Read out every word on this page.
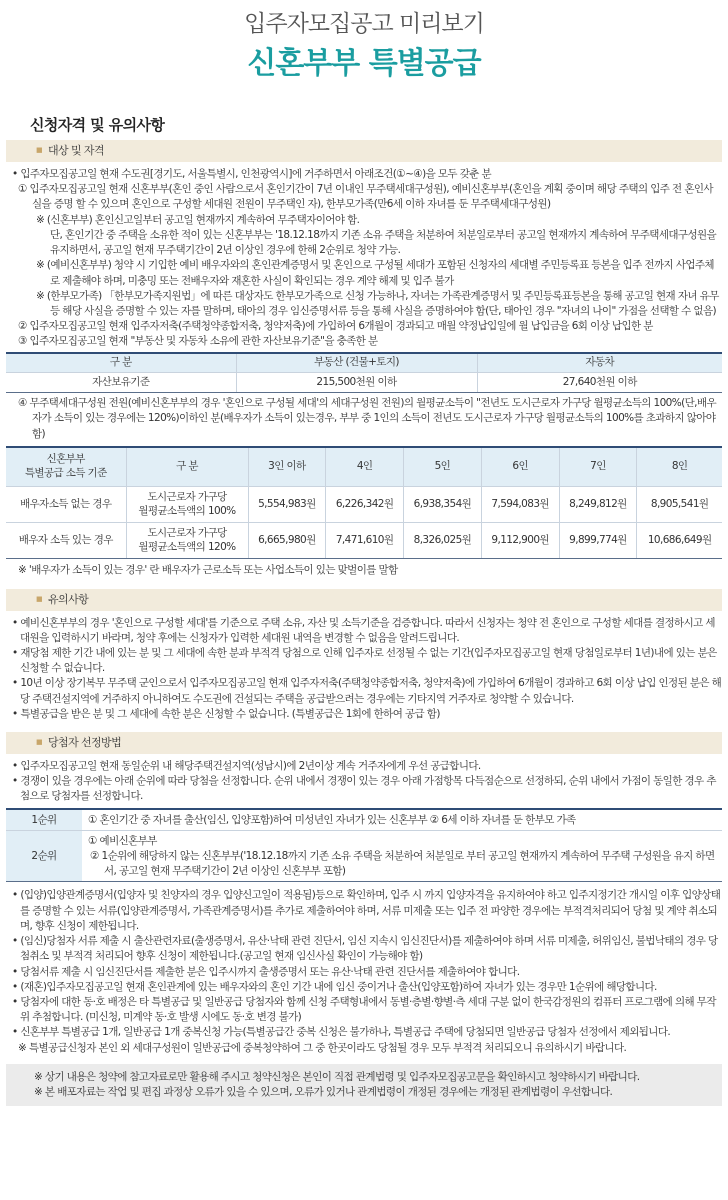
입주자모집공고 미리보기
신혼부부 특별공급
신청자격 및 유의사항
■ 대상 및 자격
• 입주자모집공고일 현재 수도권[경기도, 서울특별시, 인천광역시]에 거주하면서 아래조건(①~④)을 모두 갖춘 분
① 입주자모집공고일 현재 신혼부부(혼인 중인 사람으로서 혼인기간이 7년 이내인 무주택세대구성원), 예비신혼부부(혼인을 계획 중이며 해당 주택의 입주 전 혼인사실을 증명 할 수 있으며 혼인으로 구성할 세대원 전원이 무주택인 자), 한부모가족(만6세 이하 자녀를 둔 무주택세대구성원)
※ (신혼부부) 혼인신고일부터 공고일 현재까지 계속하여 무주택자이어야 함.
단, 혼인기간 중 주택을 소유한 적이 있는 신혼부부는 '18.12.18까지 기존 소유 주택을 처분하여 처분일로부터 공고일 현재까지 계속하여 무주택세대구성원을 유지하면서, 공고일 현재 무주택기간이 2년 이상인 경우에 한해 2순위로 청약 가능.
※ (예비신혼부부) 청약 시 기입한 예비 배우자와의 혼인관계증명서 및 혼인으로 구성될 세대가 포함된 신청자의 세대별 주민등록표 등본을 입주 전까지 사업주체로 제출해야 하며, 미충밍 또는 전배우자와 재혼한 사실이 확인되는 경우 계약 해제 및 입주 불가
※ (한부모가족) 「한부모가족지원법」에 따른 대상자도 한부모가족으로 신청 가능하나, 자녀는 가족관계증명서 및 주민등록표등본을 통해 공고일 현재 자녀 유무 등 해당 사실을 증명할 수 있는 자를 말하며, 태아의 경우 임신증명서류 등을 통해 사실을 증명하여야 함(단, 태아인 경우 "자녀의 나이" 가점을 선택할 수 없음)
② 입주자모집공고일 현재 입주자저축(주택청약종합저축, 청약저축)에 가입하여 6개월이 경과되고 매월 약정납입일에 월 납입금을 6회 이상 납입한 분
③ 입주자모집공고일 현재 "부동산 및 자동차 소유에 관한 자산보유기준"을 충족한 분
구 분	부동산 (건물+토지)	자동차
자산보유기준	215,500천원 이하	27,640천원 이하
④ 무주택세대구성원 전원(예비신혼부부의 경우 '혼인으로 구성될 세대'의 세대구성원 전원)의 월평균소득이 "전년도 도시근로자 가구당 월평균소득의 100%(단,배우자가 소득이 있는 경우에는 120%)이하인 분(배우자가 소득이 있는경우, 부부 중 1인의 소득이 전년도 도시근로자 가구당 월평균소득의 100%를 초과하지 않아야함)
신혼부부
특별공급 소득 기준	구 분	3인 이하	4인	5인	6인	7인	8인
배우자소득 없는 경우	도시근로자 가구당
월평균소득액의 100%	5,554,983원	6,226,342원	6,938,354원	7,594,083원	8,249,812원	8,905,541원
배우자 소득 있는 경우	도시근로자 가구당
월평균소득액의 120%	6,665,980원	7,471,610원	8,326,025원	9,112,900원	9,899,774원	10,686,649원
※ '배우자가 소득이 있는 경우' 란 배우자가 근로소득 또는 사업소득이 있는 맞벌이를 말함
■ 유의사항
• 예비신혼부부의 경우 '혼인으로 구성할 세대'를 기준으로 주택 소유, 자산 및 소득기준을 검증합니다. 따라서 신청자는 청약 전 혼인으로 구성할 세대를 결정하시고 세대원을 입력하시기 바라며, 청약 후에는 신청자가 입력한 세대원 내역을 변경할 수 없음을 알려드립니다.
• 재당첨 제한 기간 내에 있는 분 및 그 세대에 속한 분과 부적격 당첨으로 인해 입주자로 선정될 수 없는 기간(입주자모집공고일 현재 당첨일로부터 1년)내에 있는 분은 신청할 수 없습니다.
• 10년 이상 장기복무 무주택 군인으로서 입주자모집공고일 현재 입주자저축(주택청약종합저축, 청약저축)에 가입하여 6개월이 경과하고 6회 이상 납입 인정된 분은 해당 주택건설지역에 거주하지 아니하여도 수도권에 건설되는 주택을 공급받으려는 경우에는 기타지역 거주자로 청약할 수 있습니다.
• 특별공급을 받은 분 및 그 세대에 속한 분은 신청할 수 없습니다. (특별공급은 1회에 한하여 공급 함)
■ 당첨자 선정방법
• 입주자모집공고일 현재 동일순위 내 해당주택건설지역(성남시)에 2년이상 계속 거주자에게 우선 공급합니다.
• 경쟁이 있을 경우에는 아래 순위에 따라 당첨을 선정합니다. 순위 내에서 경쟁이 있는 경우 아래 가점항목 다득점순으로 선정하되, 순위 내에서 가점이 동일한 경우 추첨으로 당첨자를 선정합니다.
1순위	① 혼인기간 중 자녀를 출산(임신, 입양포함)하여 미성년인 자녀가 있는 신혼부부 ② 6세 이하 자녀를 둔 한부모 가족
2순위	① 예비신혼부부
② 1순위에 해당하지 않는 신혼부부('18.12.18까지 기존 소유 주택을 처분하여 처분일로 부터 공고일 현재까지 계속하여 무주택 구성원을 유지 하면서, 공고일 현재 무주택기간이 2년 이상인 신혼부부 포함)
• (입양)입양관계증명서(입양자 및 친양자의 경우 입양신고일이 적용됨)등으로 확인하며, 입주 시 까지 입양자격을 유지하여야 하고 입주지정기간 개시일 이후 입양상태를 증명할 수 있는 서류(입양관계증명서, 가족관계증명서)를 추가로 제출하여야 하며, 서류 미제출 또는 입주 전 파양한 경우에는 부적격처리되어 당첨 및 계약 취소되며, 향후 신청이 제한됩니다.
• (임신)당첨자 서류 제출 시 출산관련자료(출생증명서, 유산·낙태 관련 진단서, 임신 지속시 임신진단서)를 제출하여야 하며 서류 미제출, 허위임신, 불법낙태의 경우 당첨취소 및 부적격 처리되어 향후 신청이 제한됩니다.(공고일 현재 임신사실 확인이 가능해야 함)
• 당첨서류 제출 시 임신진단서를 제출한 분은 입주시까지 출생증명서 또는 유산·낙태 관련 진단서를 제출하여야 합니다.
• (재혼)입주자모집공고일 현재 혼인관계에 있는 배우자와의 혼인 기간 내에 임신 중이거나 출산(입양포함)하여 자녀가 있는 경우만 1순위에 해당합니다.
• 당첨자에 대한 동·호 배정은 타 특별공급 및 일반공급 당첨자와 함께 신청 주택형내에서 동별·층별·향별·측 세대 구분 없이 한국감정원의 컴퓨터 프로그램에 의해 무작위 추첨합니다. (미신청, 미계약 동·호 발생 시에도 동·호 변경 불가)
• 신혼부부 특별공급 1개, 일반공급 1개 중복신청 가능(특별공급간 중복 신청은 불가하나, 특별공급 주택에 당첨되면 일반공급 당첨자 선정에서 제외됩니다.
※ 특별공급신청자 본인 외 세대구성원이 일반공급에 중복청약하여 그 중 한곳이라도 당첨될 경우 모두 부적격 처리되오니 유의하시기 바랍니다.
※ 상기 내용은 청약에 참고자료로만 활용해 주시고 청약신청은 본인이 직접 관계법령 및 입주자모집공고문을 확인하시고 청약하시기 바랍니다.
※ 본 배포자료는 작업 및 편집 과정상 오류가 있을 수 있으며, 오류가 있거나 관계법령이 개정된 경우에는 개정된 관계법령이 우선합니다.
